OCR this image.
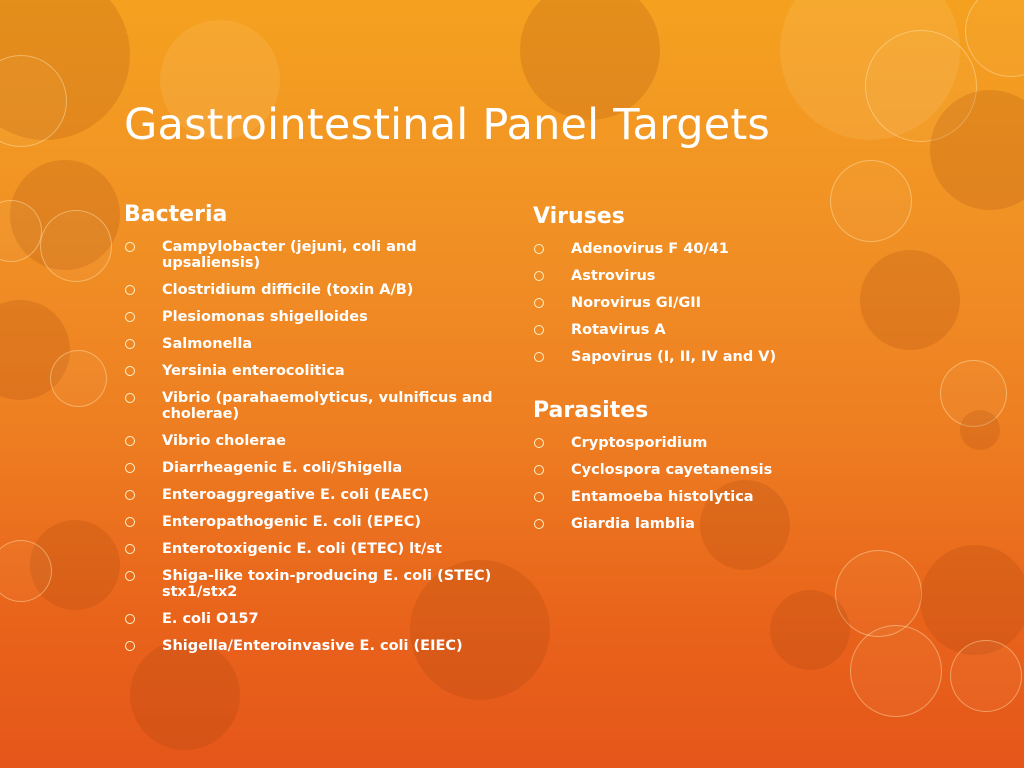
Gastrointestinal Panel Targets
Bacteria
Campylobacter (jejuni, coli and upsaliensis)
Clostridium difficile (toxin A/B)
Plesiomonas shigelloides
Salmonella
Yersinia enterocolitica
Vibrio (parahaemolyticus, vulnificus and cholerae)
Vibrio cholerae
Diarrheagenic E. coli/Shigella
Enteroaggregative E. coli (EAEC)
Enteropathogenic E. coli (EPEC)
Enterotoxigenic E. coli (ETEC) lt/st
Shiga-like toxin-producing E. coli (STEC) stx1/stx2
E. coli O157
Shigella/Enteroinvasive E. coli (EIEC)
Viruses
Adenovirus F 40/41
Astrovirus
Norovirus GI/GII
Rotavirus A
Sapovirus (I, II, IV and V)
Parasites
Cryptosporidium
Cyclospora cayetanensis
Entamoeba histolytica
Giardia lamblia
